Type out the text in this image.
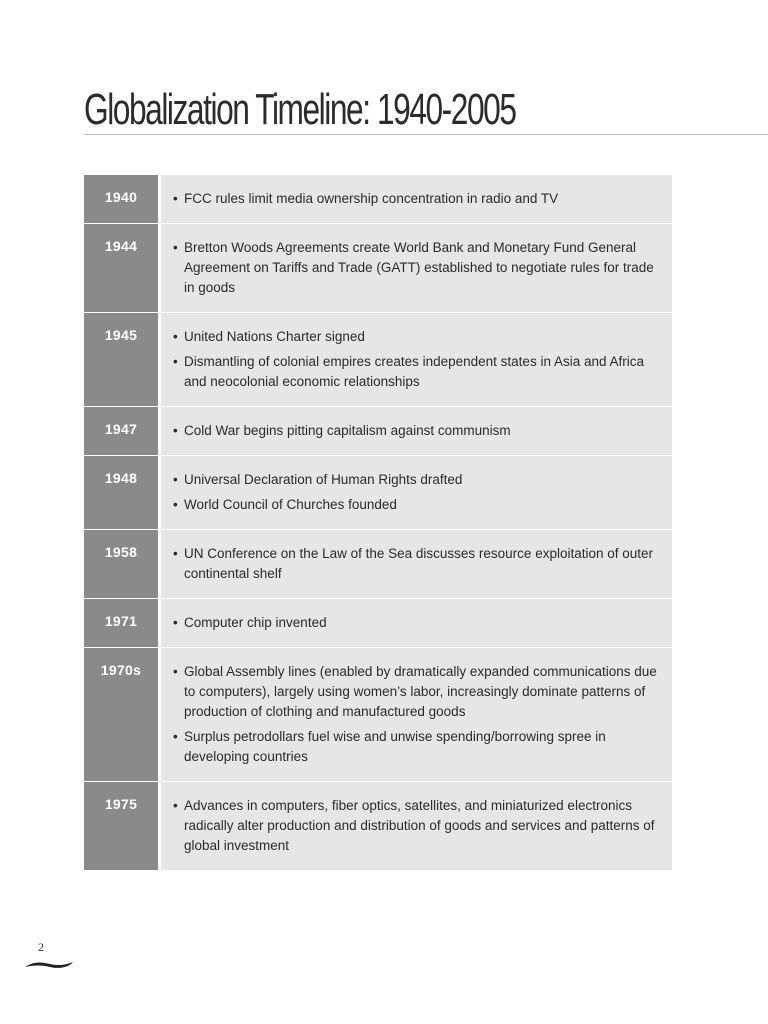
Globalization Timeline: 1940-2005
1940	• FCC rules limit media ownership concentration in radio and TV
1944	• Bretton Woods Agreements create World Bank and Monetary Fund General Agreement on Tariffs and Trade (GATT) established to negotiate rules for trade in goods
1945	• United Nations Charter signed
• Dismantling of colonial empires creates independent states in Asia and Africa and neocolonial economic relationships
1947	• Cold War begins pitting capitalism against communism
1948	• Universal Declaration of Human Rights drafted
• World Council of Churches founded
1958	• UN Conference on the Law of the Sea discusses resource exploitation of outer continental shelf
1971	• Computer chip invented
1970s	• Global Assembly lines (enabled by dramatically expanded communications due to computers), largely using women’s labor, increasingly dominate patterns of production of clothing and manufactured goods
• Surplus petrodollars fuel wise and unwise spending/borrowing spree in developing countries
1975	• Advances in computers, fiber optics, satellites, and miniaturized electronics radically alter production and distribution of goods and services and patterns of global investment
2
